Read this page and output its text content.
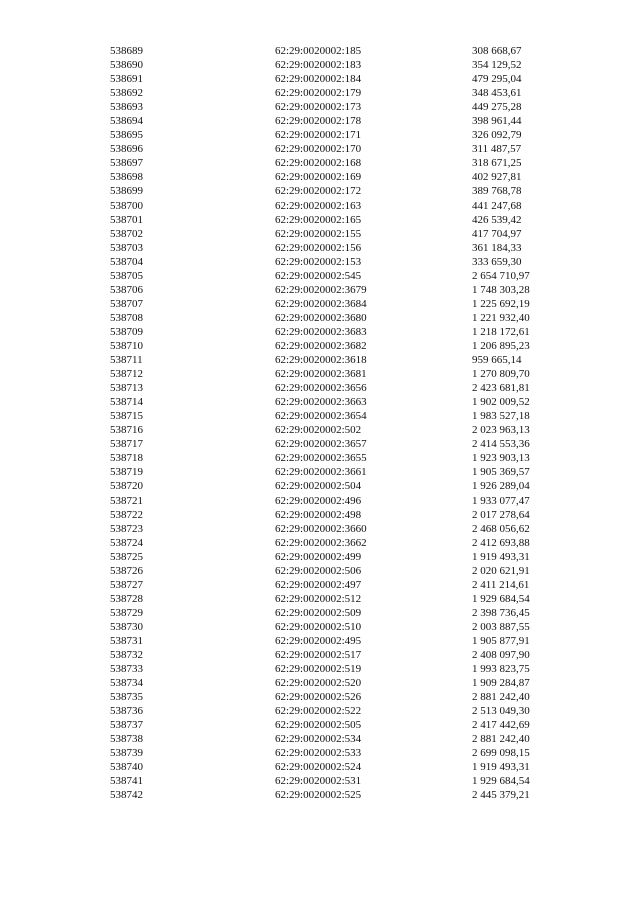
538689	62:29:0020002:185	308 668,67
538690	62:29:0020002:183	354 129,52
538691	62:29:0020002:184	479 295,04
538692	62:29:0020002:179	348 453,61
538693	62:29:0020002:173	449 275,28
538694	62:29:0020002:178	398 961,44
538695	62:29:0020002:171	326 092,79
538696	62:29:0020002:170	311 487,57
538697	62:29:0020002:168	318 671,25
538698	62:29:0020002:169	402 927,81
538699	62:29:0020002:172	389 768,78
538700	62:29:0020002:163	441 247,68
538701	62:29:0020002:165	426 539,42
538702	62:29:0020002:155	417 704,97
538703	62:29:0020002:156	361 184,33
538704	62:29:0020002:153	333 659,30
538705	62:29:0020002:545	2 654 710,97
538706	62:29:0020002:3679	1 748 303,28
538707	62:29:0020002:3684	1 225 692,19
538708	62:29:0020002:3680	1 221 932,40
538709	62:29:0020002:3683	1 218 172,61
538710	62:29:0020002:3682	1 206 895,23
538711	62:29:0020002:3618	959 665,14
538712	62:29:0020002:3681	1 270 809,70
538713	62:29:0020002:3656	2 423 681,81
538714	62:29:0020002:3663	1 902 009,52
538715	62:29:0020002:3654	1 983 527,18
538716	62:29:0020002:502	2 023 963,13
538717	62:29:0020002:3657	2 414 553,36
538718	62:29:0020002:3655	1 923 903,13
538719	62:29:0020002:3661	1 905 369,57
538720	62:29:0020002:504	1 926 289,04
538721	62:29:0020002:496	1 933 077,47
538722	62:29:0020002:498	2 017 278,64
538723	62:29:0020002:3660	2 468 056,62
538724	62:29:0020002:3662	2 412 693,88
538725	62:29:0020002:499	1 919 493,31
538726	62:29:0020002:506	2 020 621,91
538727	62:29:0020002:497	2 411 214,61
538728	62:29:0020002:512	1 929 684,54
538729	62:29:0020002:509	2 398 736,45
538730	62:29:0020002:510	2 003 887,55
538731	62:29:0020002:495	1 905 877,91
538732	62:29:0020002:517	2 408 097,90
538733	62:29:0020002:519	1 993 823,75
538734	62:29:0020002:520	1 909 284,87
538735	62:29:0020002:526	2 881 242,40
538736	62:29:0020002:522	2 513 049,30
538737	62:29:0020002:505	2 417 442,69
538738	62:29:0020002:534	2 881 242,40
538739	62:29:0020002:533	2 699 098,15
538740	62:29:0020002:524	1 919 493,31
538741	62:29:0020002:531	1 929 684,54
538742	62:29:0020002:525	2 445 379,21
